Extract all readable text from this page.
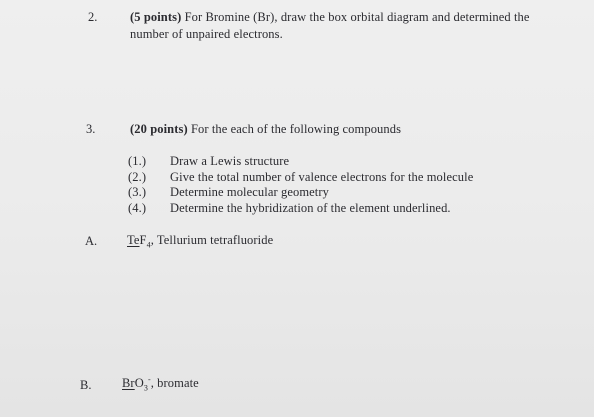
2.	(5 points) For Bromine (Br), draw the box orbital diagram and determined the
number of unpaired electrons.
3.	(20 points) For the each of the following compounds
(1.) Draw a Lewis structure
(2.) Give the total number of valence electrons for the molecule
(3.) Determine molecular geometry
(4.) Determine the hybridization of the element underlined.
A. TeF$_4$, Tellurium tetrafluoride
B. BrO$_3$-, bromate
